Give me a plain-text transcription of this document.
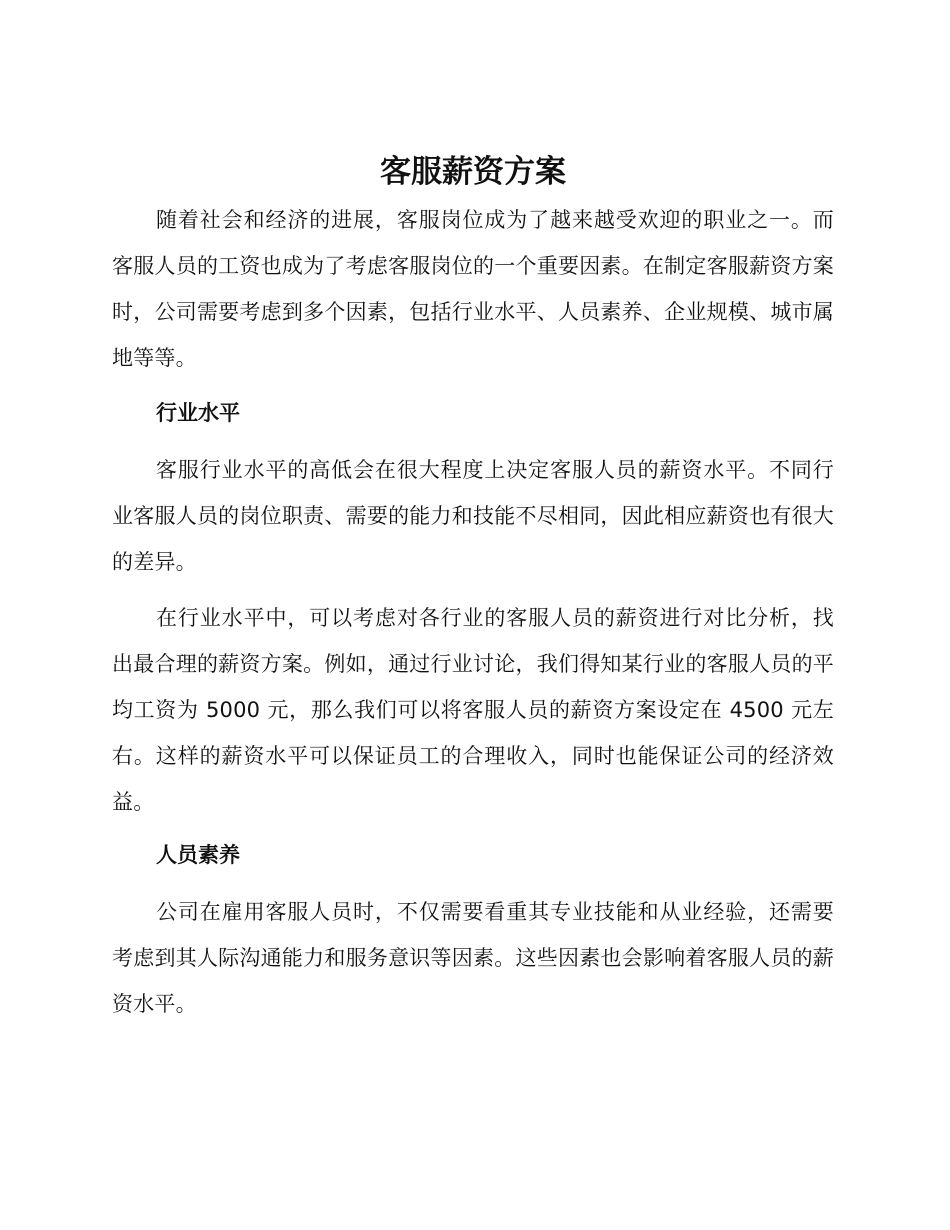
客服薪资方案

随着社会和经济的进展，客服岗位成为了越来越受欢迎的职业之一。而客服人员的工资也成为了考虑客服岗位的一个重要因素。在制定客服薪资方案时，公司需要考虑到多个因素，包括行业水平、人员素养、企业规模、城市属地等等。

行业水平

客服行业水平的高低会在很大程度上决定客服人员的薪资水平。不同行业客服人员的岗位职责、需要的能力和技能不尽相同，因此相应薪资也有很大的差异。

在行业水平中，可以考虑对各行业的客服人员的薪资进行对比分析，找出最合理的薪资方案。例如，通过行业讨论，我们得知某行业的客服人员的平均工资为 5000 元，那么我们可以将客服人员的薪资方案设定在 4500 元左右。这样的薪资水平可以保证员工的合理收入，同时也能保证公司的经济效益。

人员素养

公司在雇用客服人员时，不仅需要看重其专业技能和从业经验，还需要考虑到其人际沟通能力和服务意识等因素。这些因素也会影响着客服人员的薪资水平。
